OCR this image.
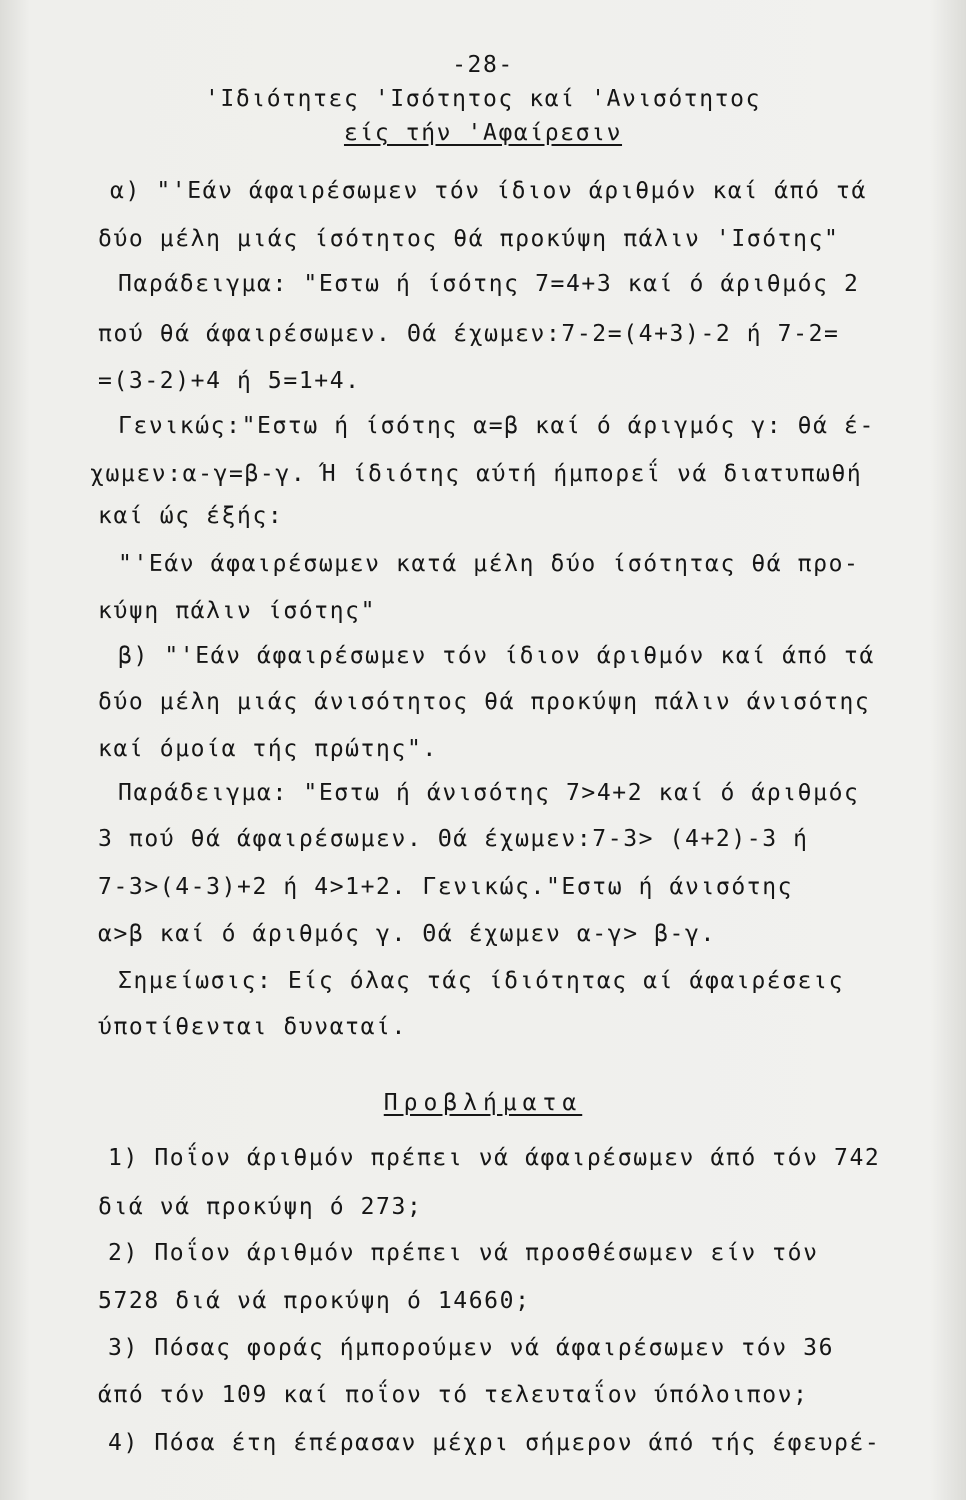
-28-
'Ιδιότητες 'Ισότητος καί 'Ανισότητος
είς τήν 'Αφαίρεσιν
α) "'Εάν άφαιρέσωμεν τόν ίδιον άριθμόν καί άπό τά
δύο μέλη μιάς ίσότητος θά προκύψη πάλιν 'Ισότης"
Παράδειγμα: "Εστω ή ίσότης 7=4+3 καί ό άριθμός 2
πού θά άφαιρέσωμεν. Θά έχωμεν:7-2=(4+3)-2 ή 7-2=
=(3-2)+4 ή 5=1+4.
Γενικώς:"Εστω ή ίσότης α=β καί ό άριγμός γ: θά έ-
χωμεν:α-γ=β-γ. Ή ίδιότης αύτή ήμπορεΐ νά διατυπωθή
καί ώς έξής:
"'Εάν άφαιρέσωμεν κατά μέλη δύο ίσότητας θά προ-
κύψη πάλιν ίσότης"
β) "'Εάν άφαιρέσωμεν τόν ίδιον άριθμόν καί άπό τά
δύο μέλη μιάς άνισότητος θά προκύψη πάλιν άνισότης
καί όμοία τής πρώτης".
Παράδειγμα: "Εστω ή άνισότης 7>4+2 καί ό άριθμός
3 πού θά άφαιρέσωμεν. Θά έχωμεν:7-3> (4+2)-3 ή
7-3>(4-3)+2 ή 4>1+2. Γενικώς."Εστω ή άνισότης
α>β καί ό άριθμός γ. Θά έχωμεν α-γ> β-γ.
Σημείωσις: Είς όλας τάς ίδιότητας αί άφαιρέσεις
ύποτίθενται δυναταί.
Προβλήματα
1) Ποΐον άριθμόν πρέπει νά άφαιρέσωμεν άπό τόν 742
διά νά προκύψη ό 273;
2) Ποΐον άριθμόν πρέπει νά προσθέσωμεν είν τόν
5728 διά νά προκύψη ό 14660;
3) Πόσας φοράς ήμπορούμεν νά άφαιρέσωμεν τόν 36
άπό τόν 109 καί ποΐον τό τελευταΐον ύπόλοιπον;
4) Πόσα έτη έπέρασαν μέχρι σήμερον άπό τής έφευρέ-
